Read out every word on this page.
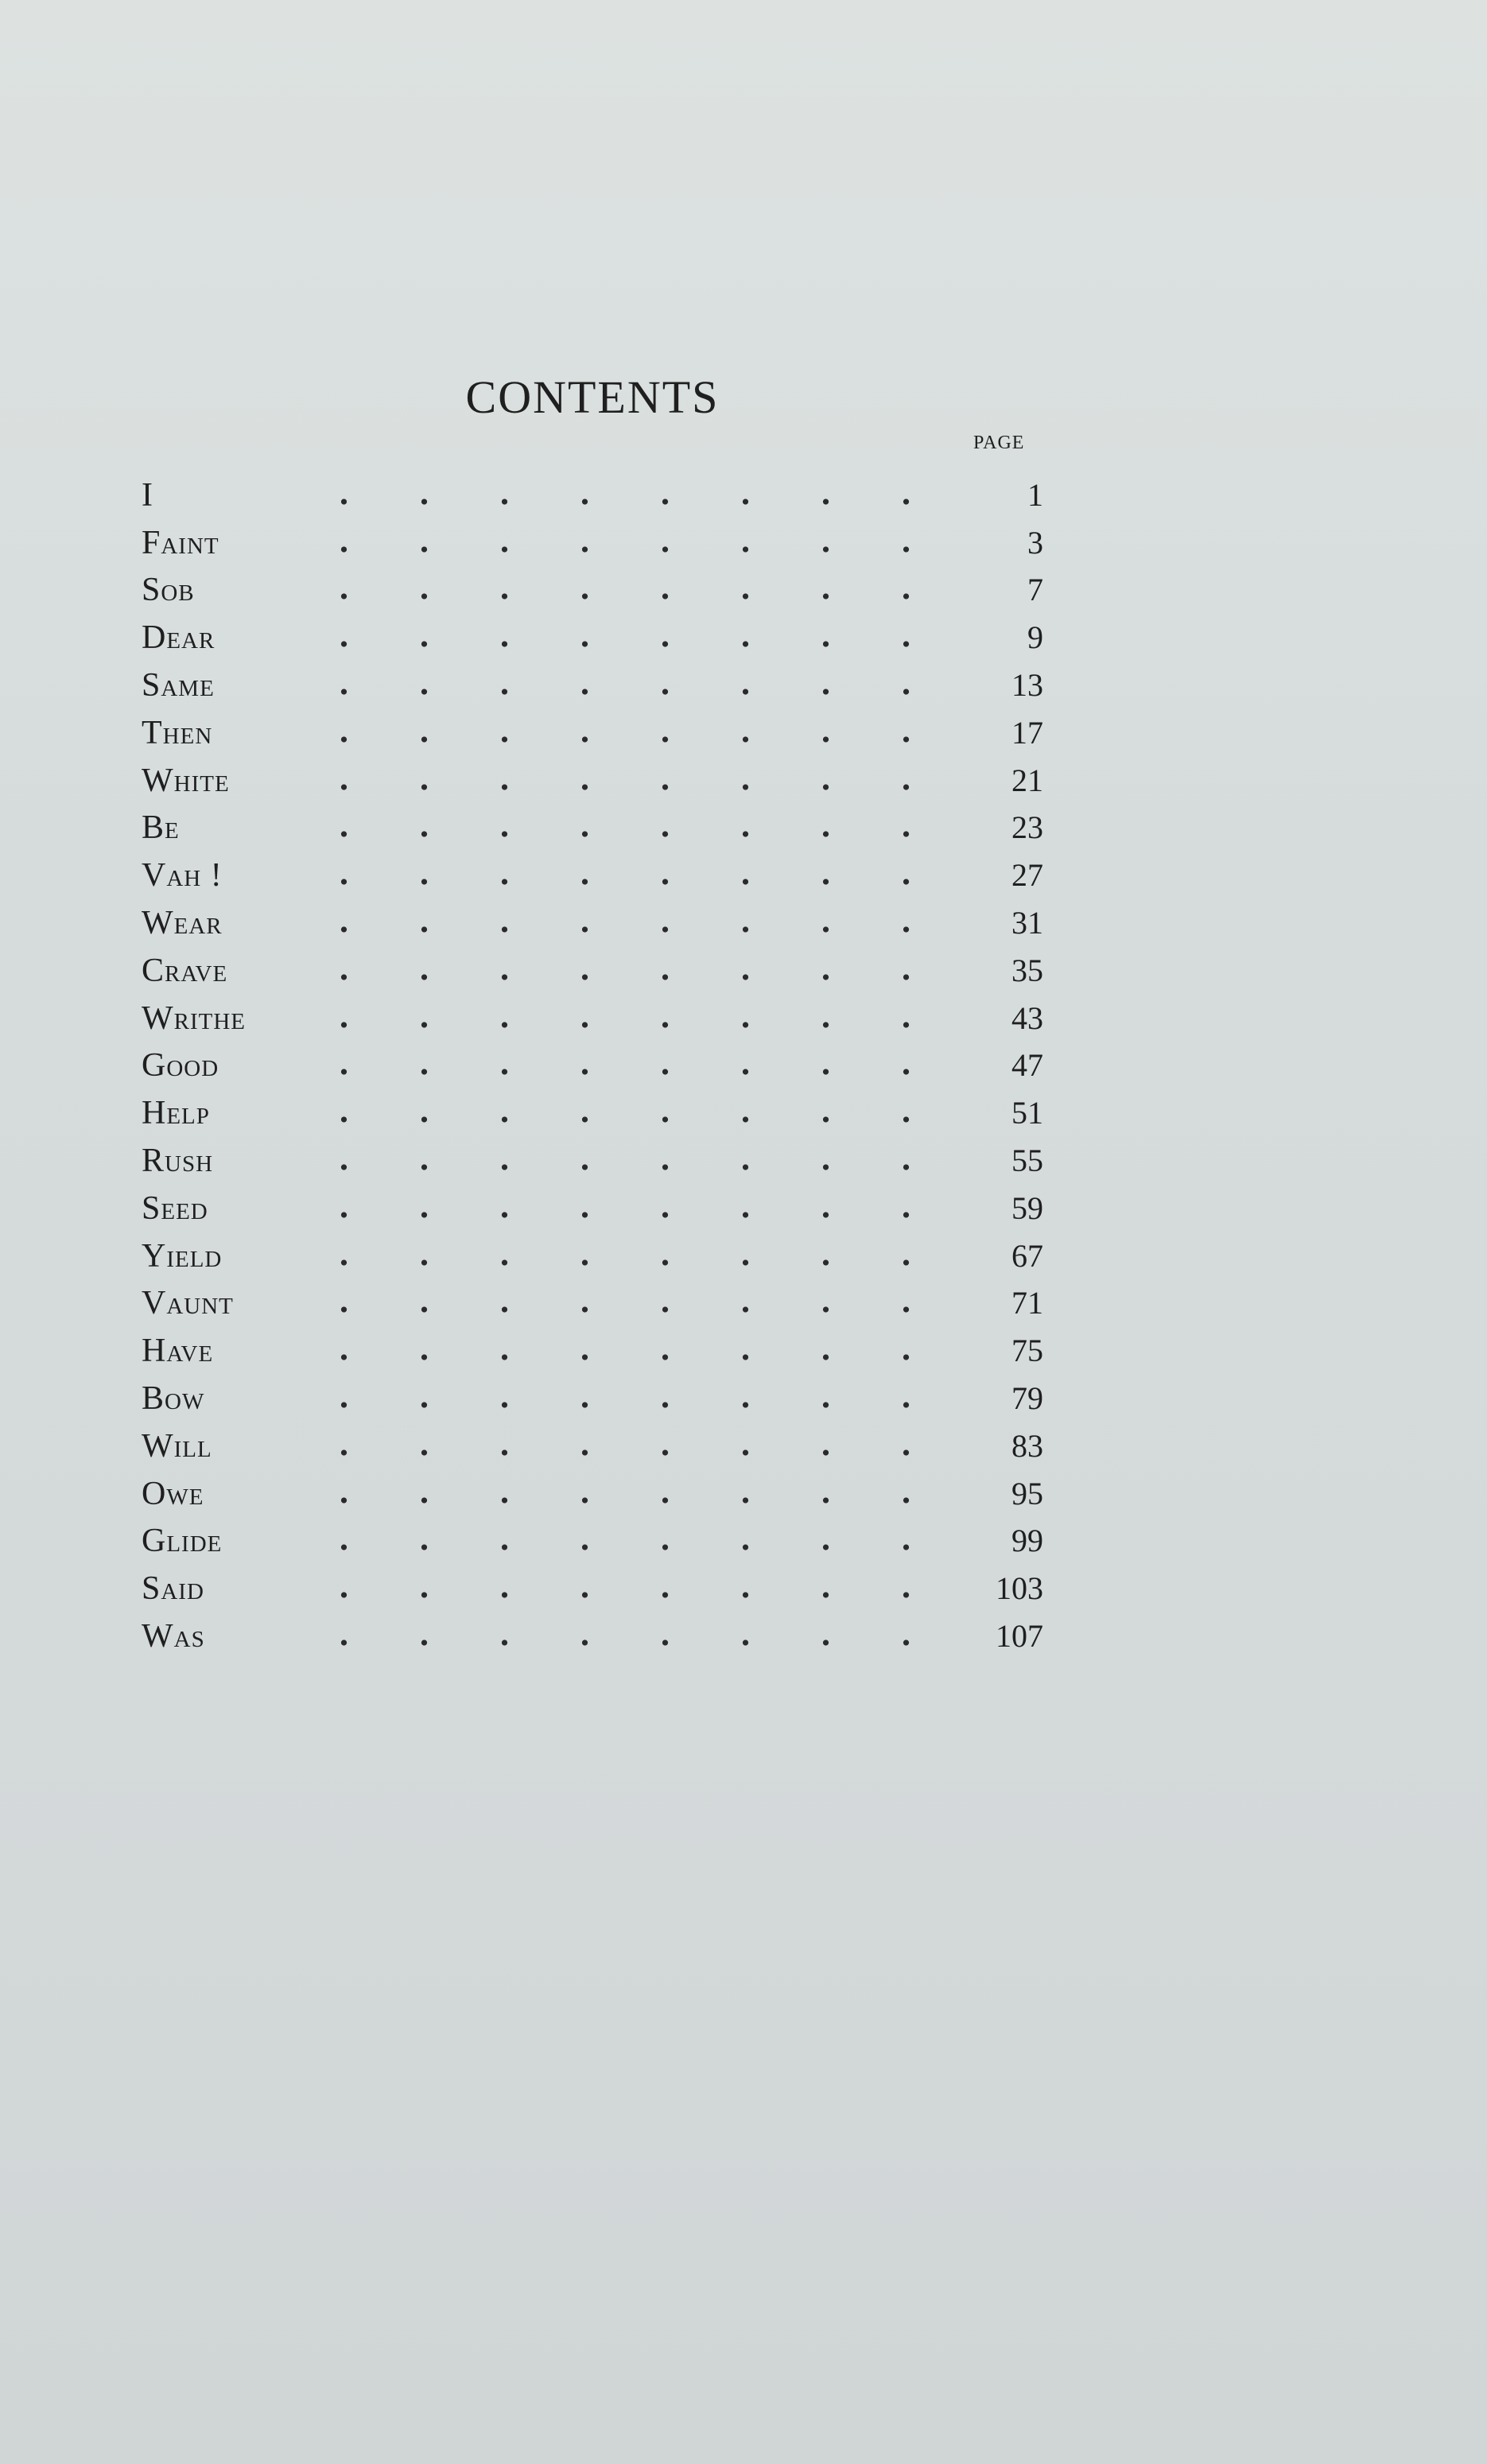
CONTENTS
PAGE
I	1
Faint	3
Sob	7
Dear	9
Same	13
Then	17
White	21
Be	23
Vah !	27
Wear	31
Crave	35
Writhe	43
Good	47
Help	51
Rush	55
Seed	59
Yield	67
Vaunt	71
Have	75
Bow	79
Will	83
Owe	95
Glide	99
Said	103
Was	107
